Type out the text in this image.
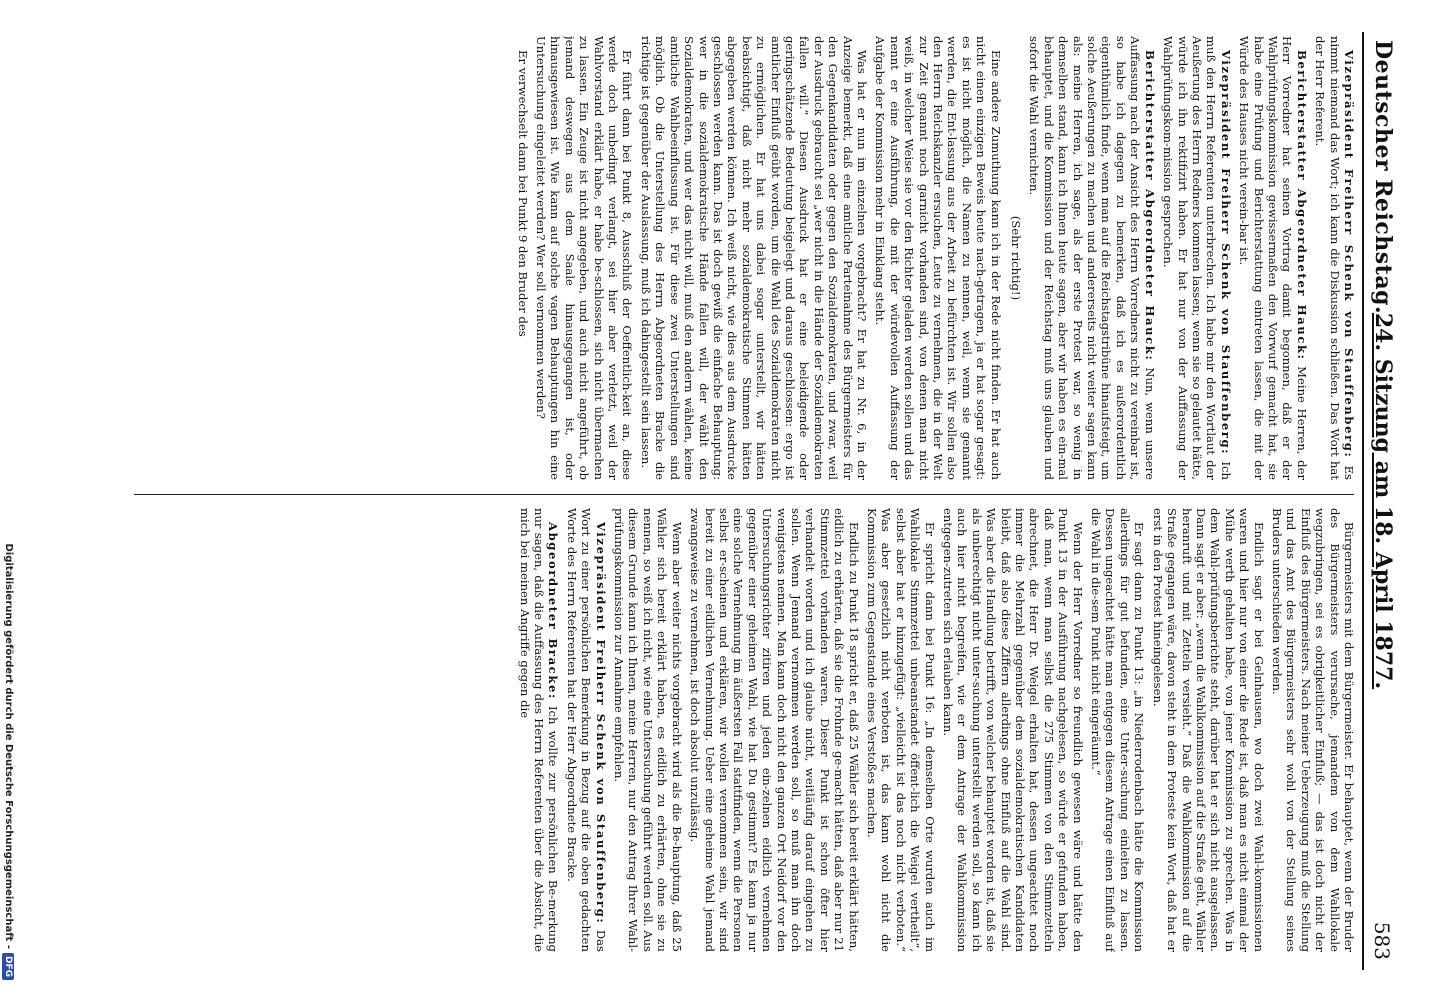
Deutscher Reichstag.
24. Sitzung am 18. April 1877.
583

Vizepräsident Freiherr Schenk von Stauffenberg: Es nimmt niemand das Wort; ich kann die Diskussion schließen. Das Wort hat der Herr Referent.

Berichterstatter Abgeordneter Hauck: Meine Herren, der Herr Vorredner hat seinen Vortrag damit begonnen, daß er der Wahlprüfungskommission gewissermaßen den Vorwurf gemacht hat, sie habe eine Prüfung und Berichterstattung eintreten lassen, die mit der Würde des Hauses nicht verein-bar ist.

Vizepräsident Freiherr Schenk von Stauffenberg: Ich muß den Herrn Referenten unterbrechen. Ich habe mir den Wortlaut der Aeußerung des Herrn Redners kommen lassen; wenn sie so gelautet hätte, würde ich ihn rektifizirt haben. Er hat nur von der Auffassung der Wahlprüfungskom-mission gesprochen.

Berichterstatter Abgeordneter Hauck: Nun, wenn unsere Auffassung nach der Ansicht des Herrn Vorredners nicht zu vereinbar ist, so habe ich dagegen zu bemerken, daß ich es außerordentlich eigenthümlich finde, wenn man auf die Reichstagstribüne hinaufsteigt, um solche Aeußerungen zu machen und andererseits nicht weiter sagen kann als: meine Herren, ich sage, als der erste Protest war, so wenig in demselben stand, kann ich Ihnen heute sagen, aber wir haben es ein-mal behauptet, und die Kommission und der Reichstag muß uns glauben und sofort die Wahl vernichten.

(Sehr richtig!)

Eine andere Zumuthung kann ich in der Rede nicht finden. Er hat auch nicht einen einzigen Beweis heute nach-getragen, ja er hat sogar gesagt: es ist nicht möglich, die Namen zu nennen, weil, wenn sie genannt werden, die Ent-lassung aus der Arbeit zu befürchten ist. Wir sollen also den Herrn Reichskanzler ersuchen, Leute zu vernehmen, die in der Welt zur Zeit genannt noch garnicht vorhanden sind, von denen man nicht weiß, in welcher Weise sie vor den Richter geladen werden sollen und das nennt er eine Ausführung, die mit der würdevollen Auffassung der Aufgabe der Kommission mehr in Einklang steht.

Was hat er nun im einzelnen vorgebracht? Er hat zu Nr. 6, in der Anzeige bemerkt, daß eine amtliche Parteinahme des Bürgermeisters für den Gegenkandidaten oder gegen den Sozialdemokraten, und zwar, weil der Ausdruck gebraucht sei „wer nicht in die Hände der Sozialdemokraten fallen will.“ Diesen Ausdruck hat er eine beleidigende oder geringschätzende Bedeutung beigelegt und daraus geschlossen: ergo ist amtlicher Einfluß geübt worden, um die Wahl des Sozialdemokraten nicht zu ermöglichen. Er hat uns dabei sogar unterstellt, wir hätten beabsichtigt, daß nicht mehr sozialdemokratische Stimmen hätten abgegeben werden können. Ich weiß nicht, wie dies aus dem Ausdrucke geschlossen werden kann. Das ist doch gewiß die einfache Behauptung: wer in die sozialdemokratische Hände fallen will, der wählt den Sozialdemokraten, und wer das nicht will, muß den andern wählen, keine amtliche Wahlbeeinflussung ist. Für diese zwei Unterstellungen sind möglich. Ob die Unterstellung des Herrn Abgeordneten Bracke die richtige ist gegenüber der Auslassung, muß ich dahingestellt sein lassen.

Er führt dann bei Punkt 8, Ausschluß der Oeffentlich-keit an, diese werde doch unbedingt verlangt, sei hier aber verletzt, weil der Wahlvorstand erklärt habe, er habe be-schlossen, sich nicht übermachen zu lassen. Ein Zeuge ist nicht angegeben, und auch nicht angeführt, ob jemand deswegen aus dem Saale hinausgegangen ist, oder hinausgewiesen ist. Wie kann auf solche vagen Behauptungen hin eine Untersuchung eingeleitet werden? Wer soll vernommen werden?

Er verwechselt dann bei Punkt 9 den Bruder des

Bürgermeisters mit dem Bürgermeister. Er behauptet, wenn der Bruder des Bürgermeisters verursache, jemandem von dem Wahllokale wegzubringen, sei es obrigkeitlicher Einfluß; — das ist doch nicht der Einfluß des Bürgermeisters. Nach meiner Ueberzeugung muß die Stellung und das Amt des Bürgermeisters sehr wohl von der Stellung seines Bruders unterschieden werden.

Endlich sagt er bei Gelnhausen, wo doch zwei Wahl-kommissionen waren und hier nur von einer die Rede ist, daß man es nicht einmal der Mühe werth gehalten habe, von jener Kommission zu sprechen. Was in dem Wahl-prüfungsberichte steht, darüber hat er sich nicht ausgelassen. Dann sagt er aber: „wenn die Wahlkommission auf die Straße geht, Wähler heranruft und mit Zetteln versieht.“ Daß die Wahlkommission auf die Straße gegangen wäre, davon steht in dem Proteste kein Wort, daß hat er erst in den Protest hineingelesen.

Er sagt dann zu Punkt 13: „in Niederrodenbach hätte die Kommission allerdings für gut befunden, eine Unter-suchung einleiten zu lassen. Dessen ungeachtet hätte man entgegen diesem Antrage einen Einfluß auf die Wahl in die-sem Punkt nicht eingeräumt.“

Wenn der Herr Vorredner so freundlich gewesen wäre und hätte den Punkt 13 in der Ausführung nachgelesen, so würde er gefunden haben, daß man, wenn man selbst die 275 Stimmen von den Stimmzetteln abrechnet, die Herr Dr. Weigel erhalten hat, dessen ungeachtet noch immer die Mehrzahl gegenüber dem sozialdemokratischen Kandidaten bleibt, daß also diese Ziffern allerdings ohne Einfluß auf die Wahl sind. Was aber die Handlung betrifft, von welcher behauptet worden ist, daß sie als unberechtigt nicht unter-suchung unterstellt werden soll, so kann ich auch hier nicht begreifen, wie er dem Antrage der Wahlkommission entgegen-zutreten sich erlauben kann.

Er spricht dann bei Punkt 16: „In demselben Orte wurden auch im Wahllokale Stimmzettel unbeanstandet öffent-lich die Weigel vertheilt“, selbst aber hat er hinzugefügt: „vielleicht ist das noch nicht verboten.“ Was aber gesetzlich nicht verboten ist, das kann wohl nicht die Kommission zum Gegenstande eines Verstoßes machen.

Endlich zu Punkt 18 spricht er, daß 25 Wähler sich bereit erklärt hätten, eidlich zu erhärten, daß sie die Frohnde ge-macht hätten, daß aber nur 21 Stimmzettel vorhanden waren. Dieser Punkt ist schon öfter hier verhandelt worden und ich glaube nicht, weitläufig darauf eingehen zu sollen. Wenn Jemand vernommen werden soll, so muß man ihn doch wenigstens nennen. Man kann doch nicht den ganzen Ort Neidorf vor den Untersuchungsrichter zitiren und jeden ein-zelnen eidlich vernehmen gegenüber einer geheimen Wahl, wie hat Du gestimmt? Es kann ja nur eine solche Vernehmung im äußersten Fall stattfinden, wenn die Personen selbst er-scheinen und erklären, wir wollen vernommen sein, wir sind bereit zu einer eidlichen Vernehmung. Ueber eine geheime Wahl jemand zwangsweise zu vernehmen, ist doch absolut unzulässig.

Wenn aber weiter nichts vorgebracht wird als die Be-hauptung, daß 25 Wähler sich bereit erklärt haben, es eidlich zu erhärten, ohne sie zu nennen, so weiß ich nicht, wie eine Untersuchung geführt werden soll. Aus diesem Grunde kann ich Ihnen, meine Herren, nur den Antrag Ihrer Wahl-prüfungskommission zur Annahme empfehlen.

Vizepräsident Freiherr Schenk von Stauffenberg: Das Wort zu einer persönlichen Bemerkung in Bezug auf die oben gedachten Worte des Herrn Referenten hat der Herr Abgeordnete Bracke.

Abgeordneter Bracke: Ich wollte zur persönlichen Be-merkung nur sagen, daß die Auffassung des Herrn Referenten über die Absicht, die mich bei meinen Angriffe gegen die

Digitalisierung gefördert durch die Deutsche Forschungsgemeinschaft -DFG
